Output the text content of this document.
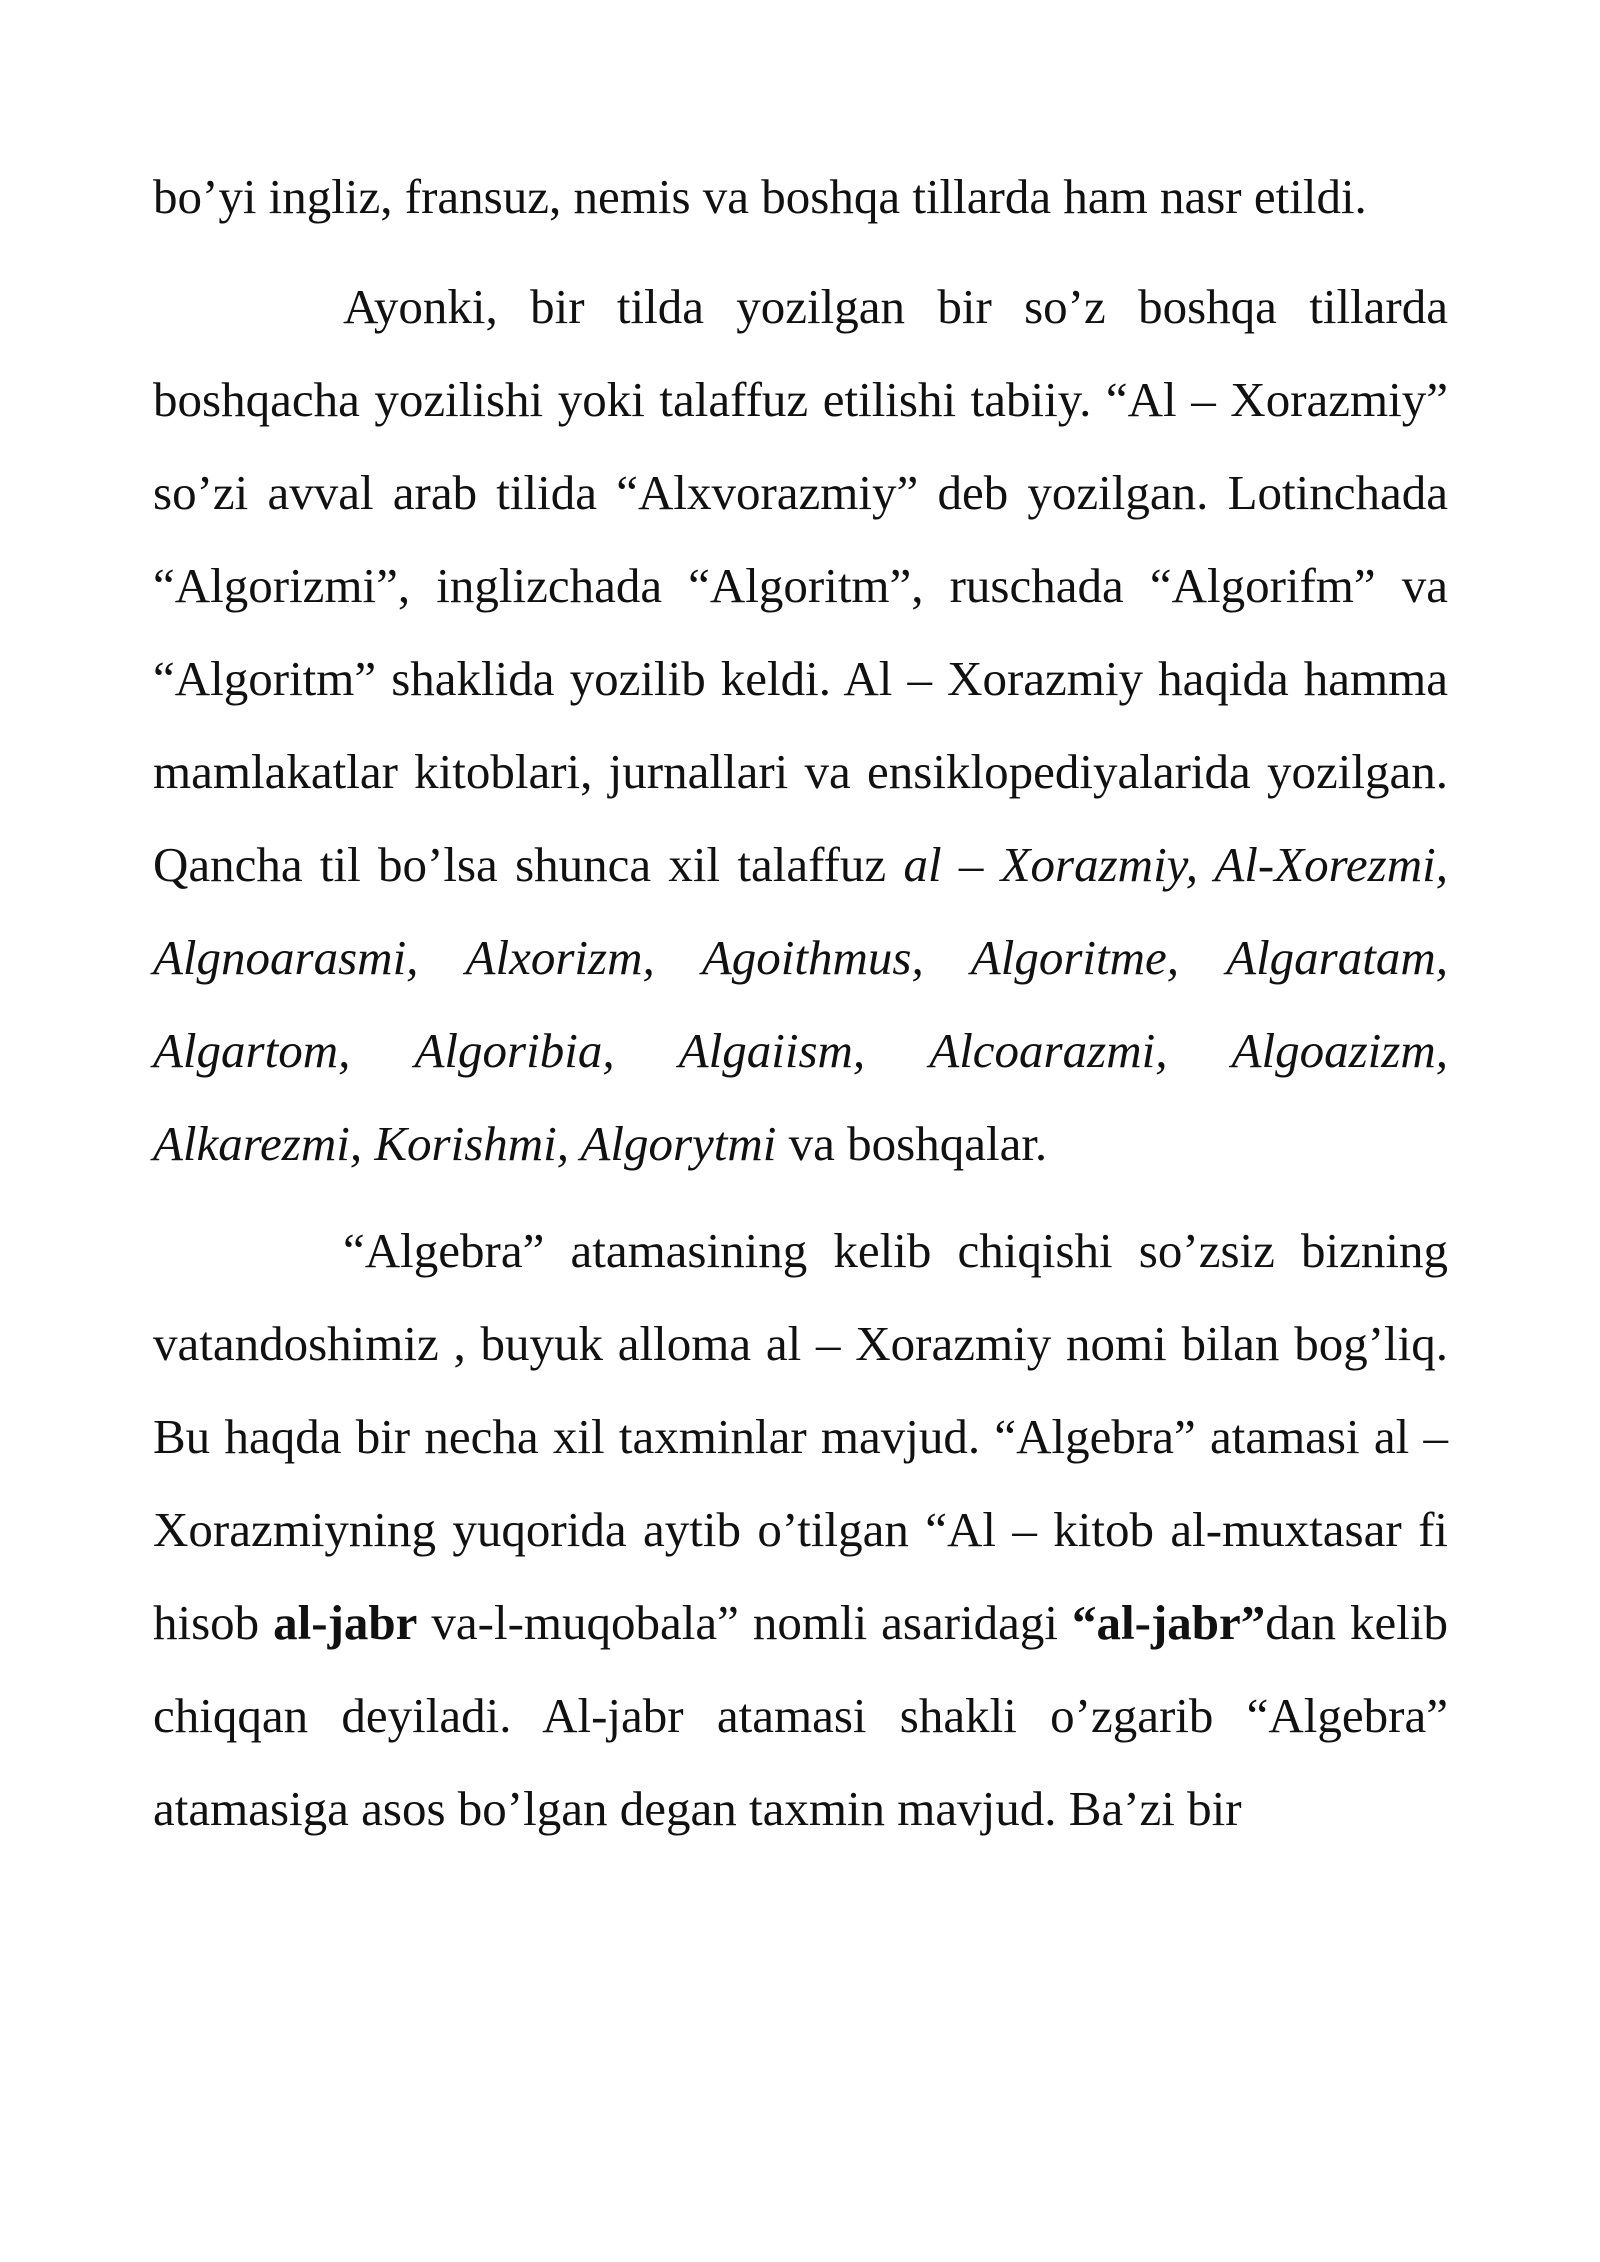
bo’yi ingliz, fransuz, nemis va boshqa tillarda ham nasr etildi.

Ayonki, bir tilda yozilgan bir so’z boshqa tillarda boshqacha yozilishi yoki talaffuz etilishi tabiiy. “Al – Xorazmiy” so’zi avval arab tilida “Alxvorazmiy” deb yozilgan. Lotinchada “Algorizmi”, inglizchada “Algoritm”, ruschada “Algorifm” va “Algoritm” shaklida yozilib keldi. Al – Xorazmiy haqida hamma mamlakatlar kitoblari, jurnallari va ensiklopediyalarida yozilgan. Qancha til bo’lsa shunca xil talaffuz al – Xorazmiy, Al-Xorezmi, Algnoarasmi, Alxorizm, Agoithmus, Algoritme, Algaratam, Algartom, Algoribia, Algaiism, Alcoarazmi, Algoazizm, Alkarezmi, Korishmi, Algorytmi va boshqalar.

“Algebra” atamasining kelib chiqishi so’zsiz bizning vatandoshimiz , buyuk alloma al – Xorazmiy nomi bilan bog’liq. Bu haqda bir necha xil taxminlar mavjud. “Algebra” atamasi al – Xorazmiyning yuqorida aytib o’tilgan “Al – kitob al-muxtasar fi hisob al-jabr va-l-muqobala” nomli asaridagi “al-jabr”dan kelib chiqqan deyiladi. Al-jabr atamasi shakli o’zgarib “Algebra” atamasiga asos bo’lgan degan taxmin mavjud. Ba’zi bir
